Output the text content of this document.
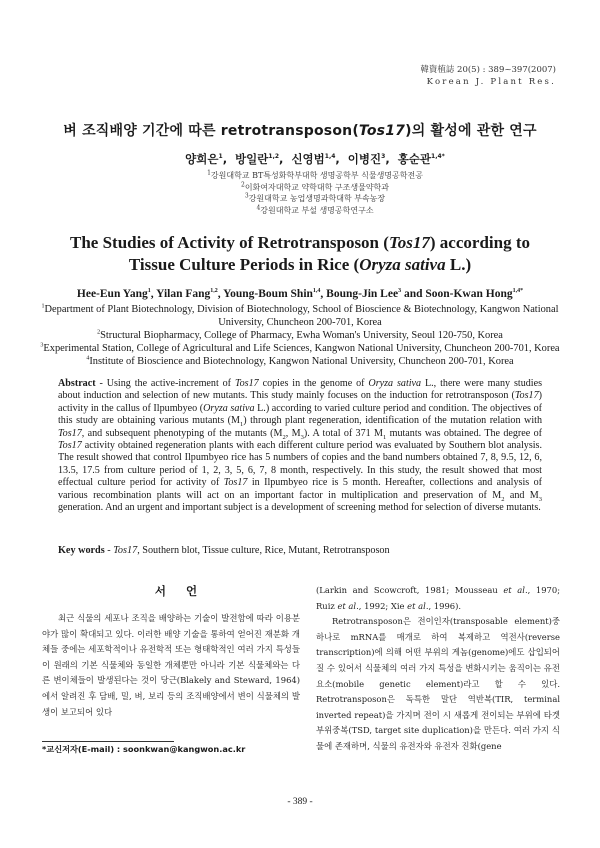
韓資植誌 20(5) : 389~397(2007)
Korean J. Plant Res.
벼 조직배양 기간에 따른 retrotransposon(Tos17)의 활성에 관한 연구
양희은$^1$,  방일란$^{1,2}$,  신영범$^{1,4}$,  이병진$^3$,  홍순관$^{1,4*}$
$^1$강원대학교 BT특성화학부대학 생명공학부 식물생명공학전공
$^2$이화여자대학교 약학대학 구조생물약학과
$^3$강원대학교 농업생명과학대학 부속농장
$^4$강원대학교 부설 생명공학연구소
The Studies of Activity of Retrotransposon (Tos17) according to
Tissue Culture Periods in Rice (Oryza sativa L.)
Hee-Eun Yang$^1$, Yilan Fang$^{1,2}$, Young-Boum Shin$^{1,4}$, Boung-Jin Lee$^3$ and Soon-Kwan Hong$^{1,4*}$
$^1$Department of Plant Biotechnology, Division of Biotechnology, School of Bioscience & Biotechnology, Kangwon National University, Chuncheon 200-701, Korea
$^2$Structural Biopharmacy, College of Pharmacy, Ewha Woman's University, Seoul 120-750, Korea
$^3$Experimental Station, College of Agricultural and Life Sciences, Kangwon National University, Chuncheon 200-701, Korea
$^4$Institute of Bioscience and Biotechnology, Kangwon National University, Chuncheon 200-701, Korea
Abstract - Using the active-increment of Tos17 copies in the genome of Oryza sativa L., there were many studies about induction and selection of new mutants. This study mainly focuses on the induction for retrotransposon (Tos17) activity in the callus of Ilpumbyeo (Oryza sativa L.) according to varied culture period and condition. The objectives of this study are obtaining various mutants $(M_1)$ through plant regeneration, identification of the mutation relation with Tos17, and subsequent phenotyping of the mutants ($M_2$, $M_3$). A total of 371 $M_1$ mutants was obtained. The degree of Tos17 activity obtained regeneration plants with each different culture period was evaluated by Southern blot analysis. The result showed that control Ilpumbyeo rice has 5 numbers of copies and the band numbers obtained 7, 8, 9.5, 12, 6, 13.5, 17.5 from culture period of 1, 2, 3, 5, 6, 7, 8 month, respectively. In this study, the result showed that most effectual culture period for activity of Tos17 in Ilpumbyeo rice is 5 month. Hereafter, collections and analysis of various recombination plants will act on an important factor in multiplication and preservation of $M_2$ and $M_3$ generation. And an urgent and important subject is a development of screening method for selection of diverse mutants.
Key words - Tos17, Southern blot, Tissue culture, Rice, Mutant, Retrotransposon
서 언

최근 식물의 세포나 조직을 배양하는 기술이 발전함에 따라 이용분야가 많이 확대되고 있다. 이러한 배양 기술을 통하여 얻어진 재분화 개체들 중에는 세포학적이나 유전학적 또는 형태학적인 여러 가지 특성들이 원래의 기본 식물체와 동일한 개체뿐만 아니라 기본 식물체와는 다른 변이체들이 발생된다는 것이 당근(Blakely and Steward, 1964)에서 알려진 후 담배, 밀, 벼, 보리 등의 조직배양에서 변이 식물체의 발생이 보고되어 있다

(Larkin and Scowcroft, 1981; Mousseau et al., 1970; Ruiz et al., 1992; Xie et al., 1996).

Retrotransposon은 전이인자(transposable element)중 하나로 mRNA를 매개로 하여 복제하고 역전사(reverse transcription)에 의해 어떤 부위의 게놈(genome)에도 삽입되어 질 수 있어서 식물체의 여러 가지 특성을 변화시키는 움직이는 유전요소(mobile genetic element)라고 할 수 있다. Retrotransposon은 독특한 말단 역반복(TIR, terminal inverted repeat)을 가지며 전이 시 새롭게 전이되는 부위에 타겟부위중복(TSD, target site duplication)을 만든다. 여러 가지 식물에 존재하며, 식물의 유전자와 유전자 진화(gene

*교신저자(E-mail) : soonkwan@kangwon.ac.kr
- 389 -
